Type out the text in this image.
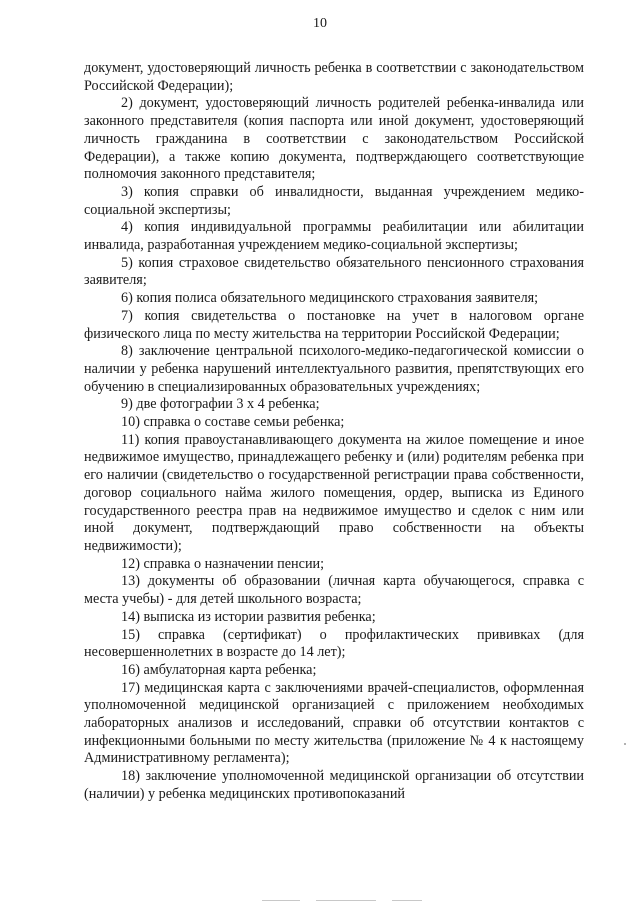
10

документ, удостоверяющий личность ребенка в соответствии с законодательством Российской Федерации);

2) документ, удостоверяющий личность родителей ребенка-инвалида или законного представителя (копия паспорта или иной документ, удостоверяющий личность гражданина в соответствии с законодательством Российской Федерации), а также копию документа, подтверждающего соответствующие полномочия законного представителя;

3) копия справки об инвалидности, выданная учреждением медико-социальной экспертизы;

4) копия индивидуальной программы реабилитации или абилитации инвалида, разработанная учреждением медико-социальной экспертизы;

5) копия страховое свидетельство обязательного пенсионного страхования заявителя;

6) копия полиса обязательного медицинского страхования заявителя;

7) копия свидетельства о постановке на учет в налоговом органе физического лица по месту жительства на территории Российской Федерации;

8) заключение центральной психолого-медико-педагогической комиссии о наличии у ребенка нарушений интеллектуального развития, препятствующих его обучению в специализированных образовательных учреждениях;

9) две фотографии 3 х 4 ребенка;

10) справка о составе семьи ребенка;

11) копия правоустанавливающего документа на жилое помещение и иное недвижимое имущество, принадлежащего ребенку и (или) родителям ребенка при его наличии (свидетельство о государственной регистрации права собственности, договор социального найма жилого помещения, ордер, выписка из Единого государственного реестра прав на недвижимое имущество и сделок с ним или иной документ, подтверждающий право собственности на объекты недвижимости);

12) справка о назначении пенсии;

13) документы об образовании (личная карта обучающегося, справка с места учебы) - для детей школьного возраста;

14) выписка из истории развития ребенка;

15) справка (сертификат) о профилактических прививках (для несовершеннолетних в возрасте до 14 лет);

16) амбулаторная карта ребенка;

17) медицинская карта с заключениями врачей-специалистов, оформленная уполномоченной медицинской организацией с приложением необходимых лабораторных анализов и исследований, справки об отсутствии контактов с инфекционными больными по месту жительства (приложение № 4 к настоящему Административному регламента);

18) заключение уполномоченной медицинской организации об отсутствии (наличии) у ребенка медицинских противопоказаний
